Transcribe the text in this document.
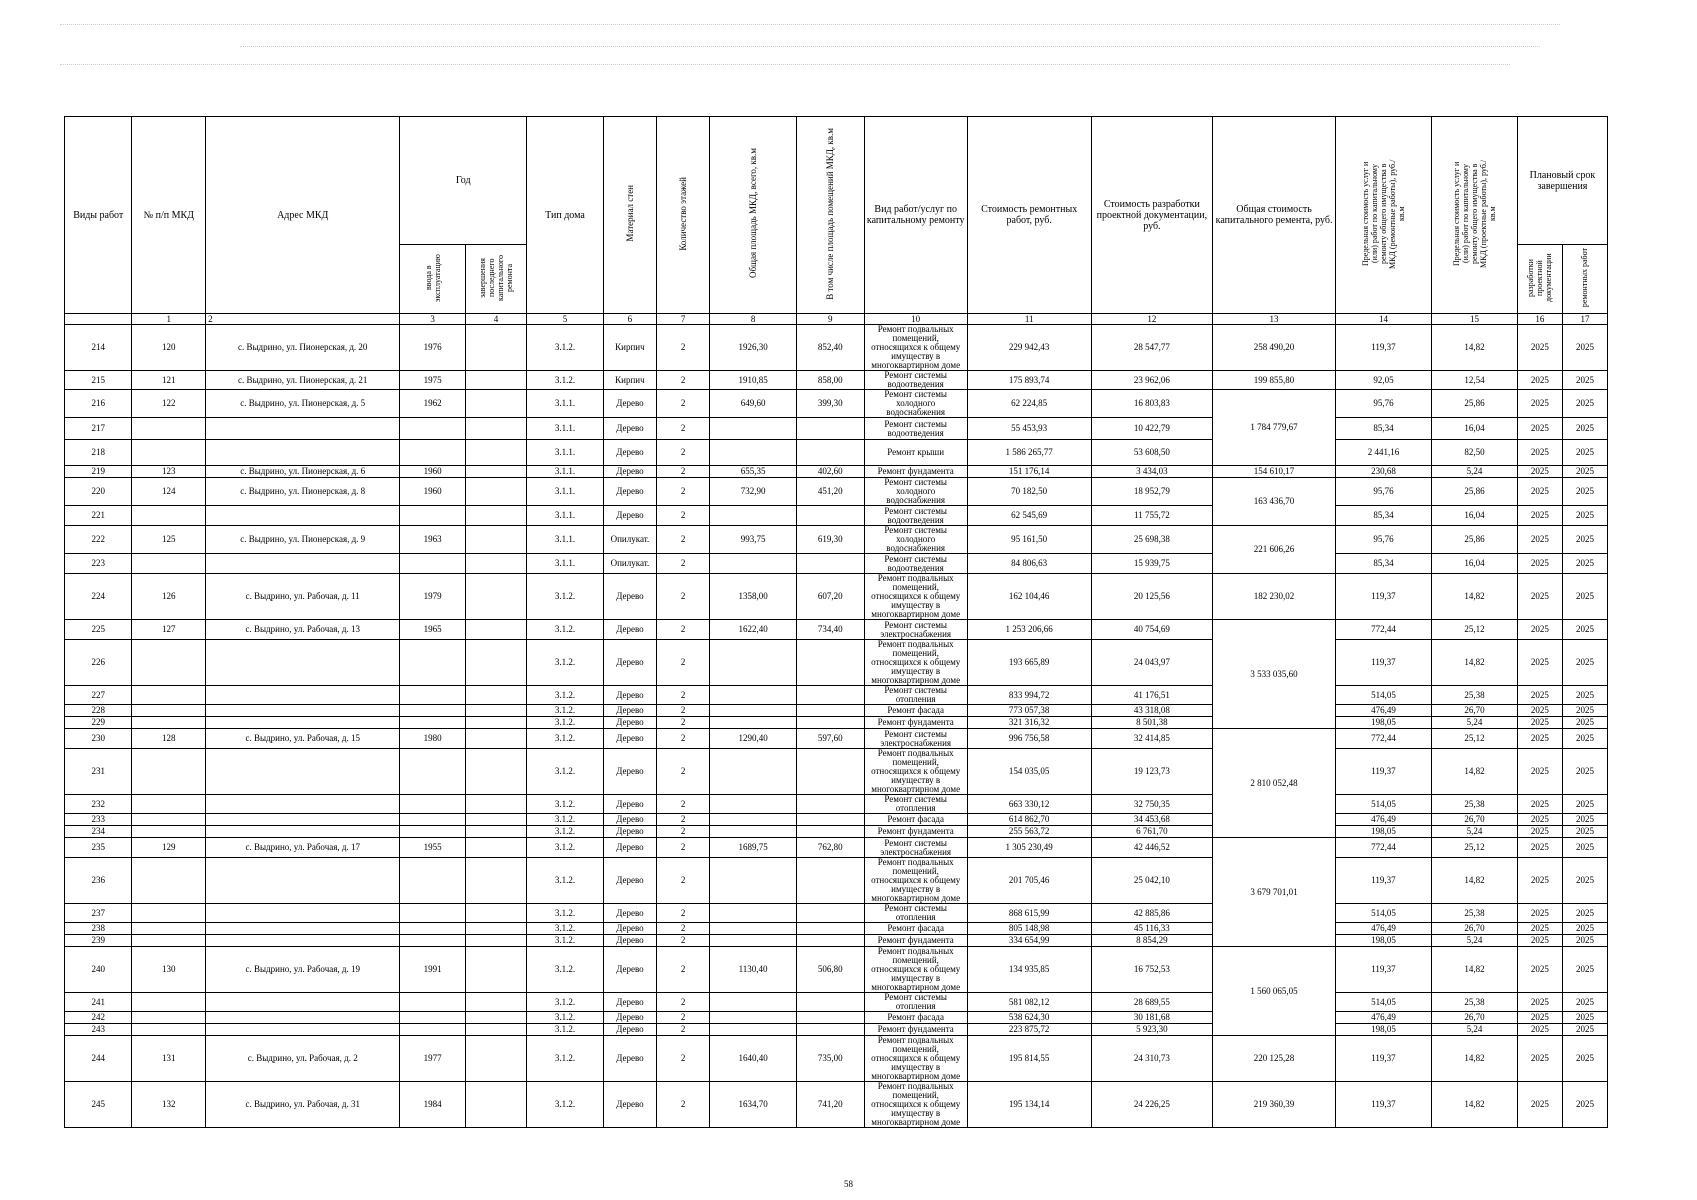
Виды работ	№ п/п МКД	Адрес МКД	Год		Тип дома	Материал стен	Количество этажей	Общая площадь МКД, всего, кв.м	В том числе площадь помещений МКД, кв.м	Вид работ/услуг по капитальному ремонту	Стоимость ремонтных работ, руб.	Стоимость разработки проектной документации, руб.	Общая стоимость капитального ремента, руб.	Предельная стоимость услуг и (или) работ по капитальному ремонту общего имущества в МКД (ремонтные работы), руб./кв.м	Предельная стоимость услуг и (или) работ по капитальному ремонту общего имущества в МКД (проектные работы), руб./кв.м	Плановый срок завершения	
			ввода в эксплуатацию	завершения последнего капитального ремонта												разработки проектной документации	ремонтных работ
	1	2	3	4	5	6	7	8	9	10	11	12	13	14	15	16	17
214	120	с. Выдрино, ул. Пионерская, д. 20	1976		3.1.2.	Кирпич	2	1926,30	852,40	Ремонт подвальных помещений, относящихся к общему имуществу в многоквартирном доме	229 942,43	28 547,77	258 490,20	119,37	14,82	2025	2025
215	121	с. Выдрино, ул. Пионерская, д. 21	1975		3.1.2.	Кирпич	2	1910,85	858,00	Ремонт системы водоотведения	175 893,74	23 962,06	199 855,80	92,05	12,54	2025	2025
216	122	с. Выдрино, ул. Пионерская, д. 5	1962		3.1.1.	Дерево	2	649,60	399,30	Ремонт системы холодного водоснабжения	62 224,85	16 803,83	1 784 779,67	95,76	25,86	2025	2025
217					3.1.1.	Дерево	2			Ремонт системы водоотведения	55 453,93	10 422,79		85,34	16,04	2025	2025
218					3.1.1.	Дерево	2			Ремонт крыши	1 586 265,77	53 608,50		2 441,16	82,50	2025	2025
219	123	с. Выдрино, ул. Пионерская, д. 6	1960		3.1.1.	Дерево	2	655,35	402,60	Ремонт фундамента	151 176,14	3 434,03	154 610,17	230,68	5,24	2025	2025
220	124	с. Выдрино, ул. Пионерская, д. 8	1960		3.1.1.	Дерево	2	732,90	451,20	Ремонт системы холодного водоснабжения	70 182,50	18 952,79	163 436,70	95,76	25,86	2025	2025
221					3.1.1.	Дерево	2			Ремонт системы водоотведения	62 545,69	11 755,72		85,34	16,04	2025	2025
222	125	с. Выдрино, ул. Пионерская, д. 9	1963		3.1.1.	Опилукат.	2	993,75	619,30	Ремонт системы холодного водоснабжения	95 161,50	25 698,38	221 606,26	95,76	25,86	2025	2025
223					3.1.1.	Опилукат.	2			Ремонт системы водоотведения	84 806,63	15 939,75		85,34	16,04	2025	2025
224	126	с. Выдрино, ул. Рабочая, д. 11	1979		3.1.2.	Дерево	2	1358,00	607,20	Ремонт подвальных помещений, относящихся к общему имуществу в многоквартирном доме	162 104,46	20 125,56	182 230,02	119,37	14,82	2025	2025
225	127	с. Выдрино, ул. Рабочая, д. 13	1965		3.1.2.	Дерево	2	1622,40	734,40	Ремонт системы электроснабжения	1 253 206,66	40 754,69	3 533 035,60	772,44	25,12	2025	2025
226					3.1.2.	Дерево	2			Ремонт подвальных помещений, относящихся к общему имуществу в многоквартирном доме	193 665,89	24 043,97		119,37	14,82	2025	2025
227					3.1.2.	Дерево	2			Ремонт системы отопления	833 994,72	41 176,51		514,05	25,38	2025	2025
228					3.1.2.	Дерево	2			Ремонт фасада	773 057,38	43 318,08		476,49	26,70	2025	2025
229					3.1.2.	Дерево	2			Ремонт фундамента	321 316,32	8 501,38		198,05	5,24	2025	2025
230	128	с. Выдрино, ул. Рабочая, д. 15	1980		3.1.2.	Дерево	2	1290,40	597,60	Ремонт системы электроснабжения	996 756,58	32 414,85	2 810 052,48	772,44	25,12	2025	2025
231					3.1.2.	Дерево	2			Ремонт подвальных помещений, относящихся к общему имуществу в многоквартирном доме	154 035,05	19 123,73		119,37	14,82	2025	2025
232					3.1.2.	Дерево	2			Ремонт системы отопления	663 330,12	32 750,35		514,05	25,38	2025	2025
233					3.1.2.	Дерево	2			Ремонт фасада	614 862,70	34 453,68		476,49	26,70	2025	2025
234					3.1.2.	Дерево	2			Ремонт фундамента	255 563,72	6 761,70		198,05	5,24	2025	2025
235	129	с. Выдрино, ул. Рабочая, д. 17	1955		3.1.2.	Дерево	2	1689,75	762,80	Ремонт системы электроснабжения	1 305 230,49	42 446,52	3 679 701,01	772,44	25,12	2025	2025
236					3.1.2.	Дерево	2			Ремонт подвальных помещений, относящихся к общему имуществу в многоквартирном доме	201 705,46	25 042,10		119,37	14,82	2025	2025
237					3.1.2.	Дерево	2			Ремонт системы отопления	868 615,99	42 885,86		514,05	25,38	2025	2025
238					3.1.2.	Дерево	2			Ремонт фасада	805 148,98	45 116,33		476,49	26,70	2025	2025
239					3.1.2.	Дерево	2			Ремонт фундамента	334 654,99	8 854,29		198,05	5,24	2025	2025
240	130	с. Выдрино, ул. Рабочая, д. 19	1991		3.1.2.	Дерево	2	1130,40	506,80	Ремонт подвальных помещений, относящихся к общему имуществу в многоквартирном доме	134 935,85	16 752,53	1 560 065,05	119,37	14,82	2025	2025
241					3.1.2.	Дерево	2			Ремонт системы отопления	581 082,12	28 689,55		514,05	25,38	2025	2025
242					3.1.2.	Дерево	2			Ремонт фасада	538 624,30	30 181,68		476,49	26,70	2025	2025
243					3.1.2.	Дерево	2			Ремонт фундамента	223 875,72	5 923,30		198,05	5,24	2025	2025
244	131	с. Выдрино, ул. Рабочая, д. 2	1977		3.1.2.	Дерево	2	1640,40	735,00	Ремонт подвальных помещений, относящихся к общему имуществу в многоквартирном доме	195 814,55	24 310,73	220 125,28	119,37	14,82	2025	2025
245	132	с. Выдрино, ул. Рабочая, д. 31	1984		3.1.2.	Дерево	2	1634,70	741,20	Ремонт подвальных помещений, относящихся к общему имуществу в многоквартирном доме	195 134,14	24 226,25	219 360,39	119,37	14,82	2025	2025
58
